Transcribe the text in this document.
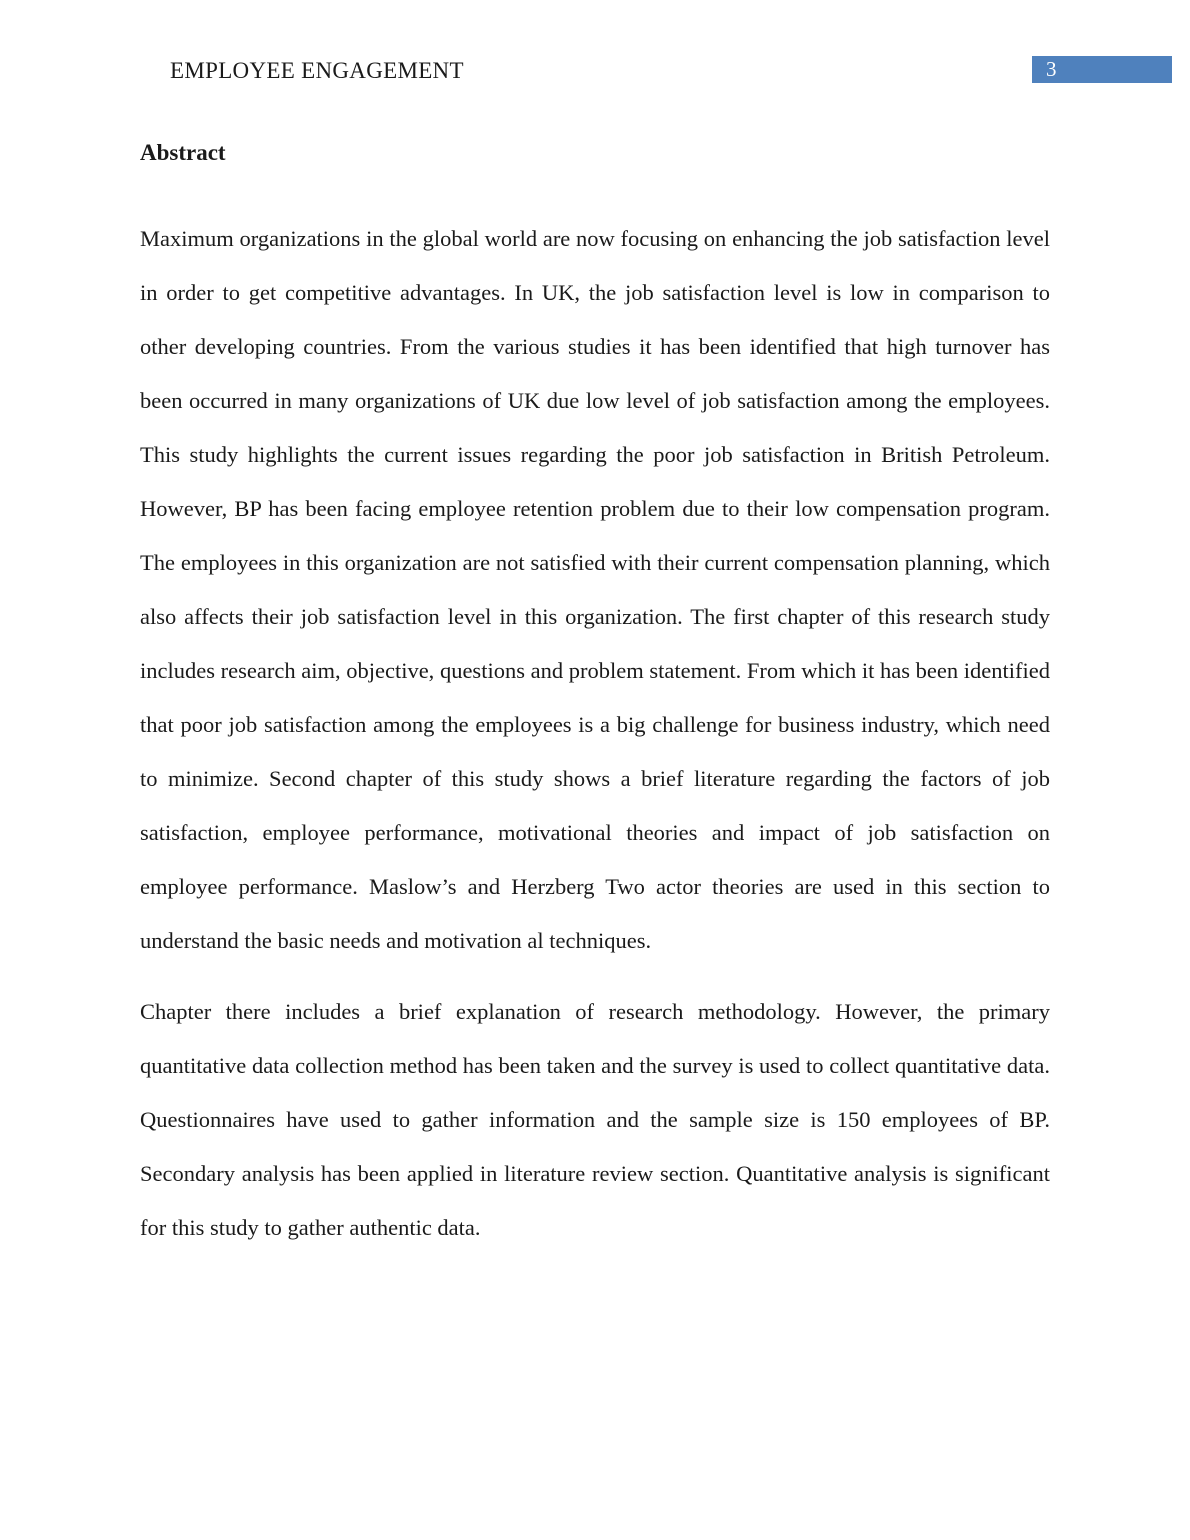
EMPLOYEE ENGAGEMENT	3
Abstract

Maximum organizations in the global world are now focusing on enhancing the job satisfaction level in order to get competitive advantages. In UK, the job satisfaction level is low in comparison to other developing countries. From the various studies it has been identified that high turnover has been occurred in many organizations of UK due low level of job satisfaction among the employees. This study highlights the current issues regarding the poor job satisfaction in British Petroleum. However, BP has been facing employee retention problem due to their low compensation program. The employees in this organization are not satisfied with their current compensation planning, which also affects their job satisfaction level in this organization. The first chapter of this research study includes research aim, objective, questions and problem statement. From which it has been identified that poor job satisfaction among the employees is a big challenge for business industry, which need to minimize. Second chapter of this study shows a brief literature regarding the factors of job satisfaction, employee performance, motivational theories and impact of job satisfaction on employee performance. Maslow’s and Herzberg Two actor theories are used in this section to understand the basic needs and motivation al techniques.

Chapter there includes a brief explanation of research methodology. However, the primary quantitative data collection method has been taken and the survey is used to collect quantitative data. Questionnaires have used to gather information and the sample size is 150 employees of BP. Secondary analysis has been applied in literature review section. Quantitative analysis is significant for this study to gather authentic data.
